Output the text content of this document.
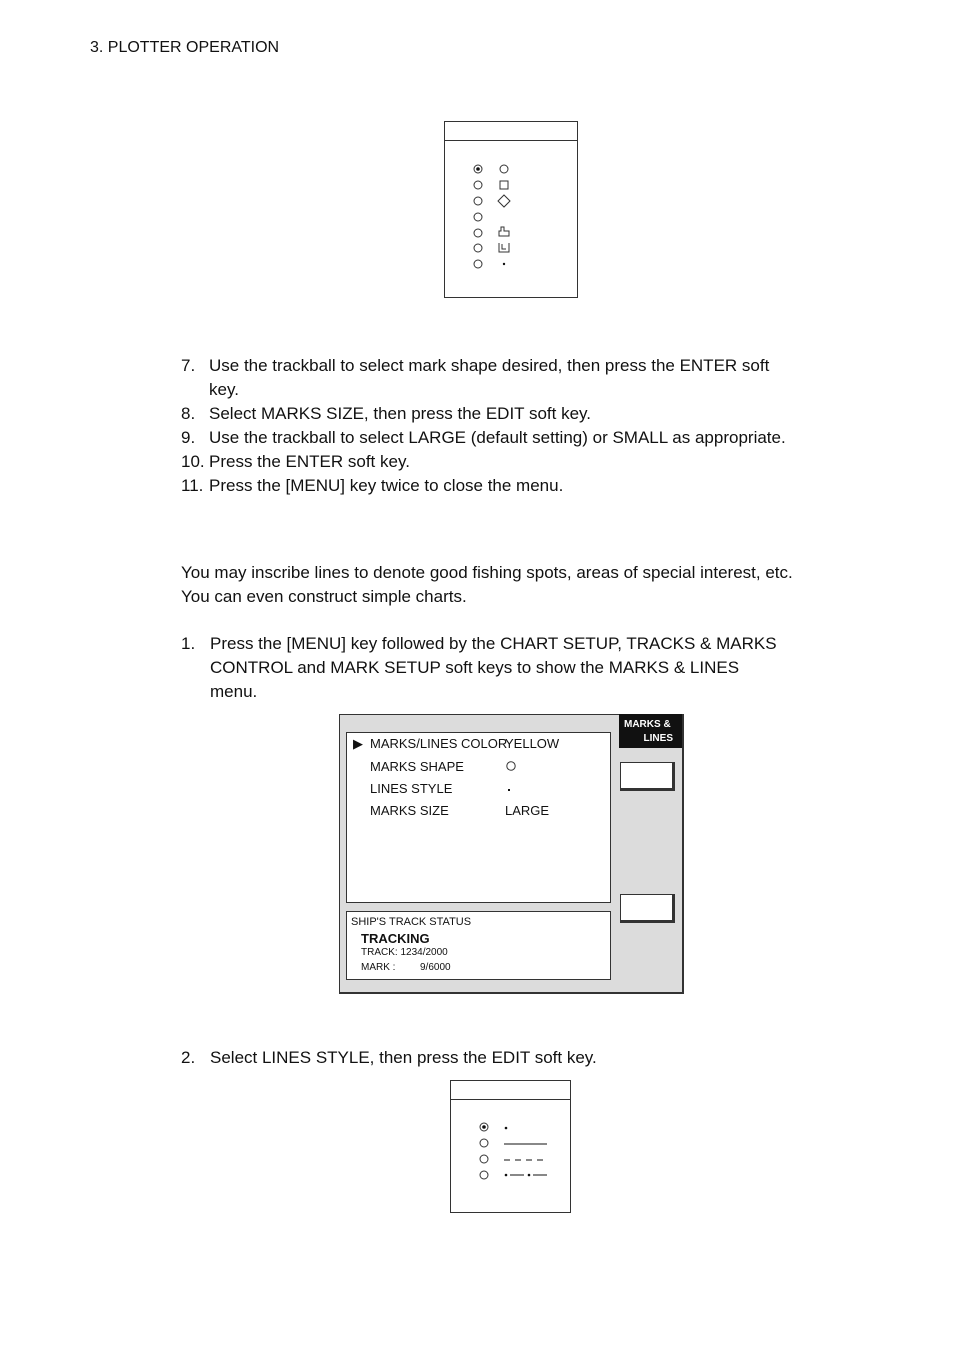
3. PLOTTER OPERATION
7. Use the trackball to select mark shape desired, then press the ENTER soft
key.
8. Select MARKS SIZE, then press the EDIT soft key.
9. Use the trackball to select LARGE (default setting) or SMALL as appropriate.
10. Press the ENTER soft key.
11. Press the [MENU] key twice to close the menu.
You may inscribe lines to denote good fishing spots, areas of special interest, etc.
You can even construct simple charts.
1. Press the [MENU] key followed by the CHART SETUP, TRACKS & MARKS
CONTROL and MARK SETUP soft keys to show the MARKS & LINES
menu.
MARKS &
LINES
▶ MARKS/LINES COLOR
YELLOW
MARKS SHAPE
LINES STYLE
MARKS SIZE	LARGE
SHIP'S TRACK STATUS
TRACKING
TRACK: 1234/2000
MARK : 9/6000
2. Select LINES STYLE, then press the EDIT soft key.
